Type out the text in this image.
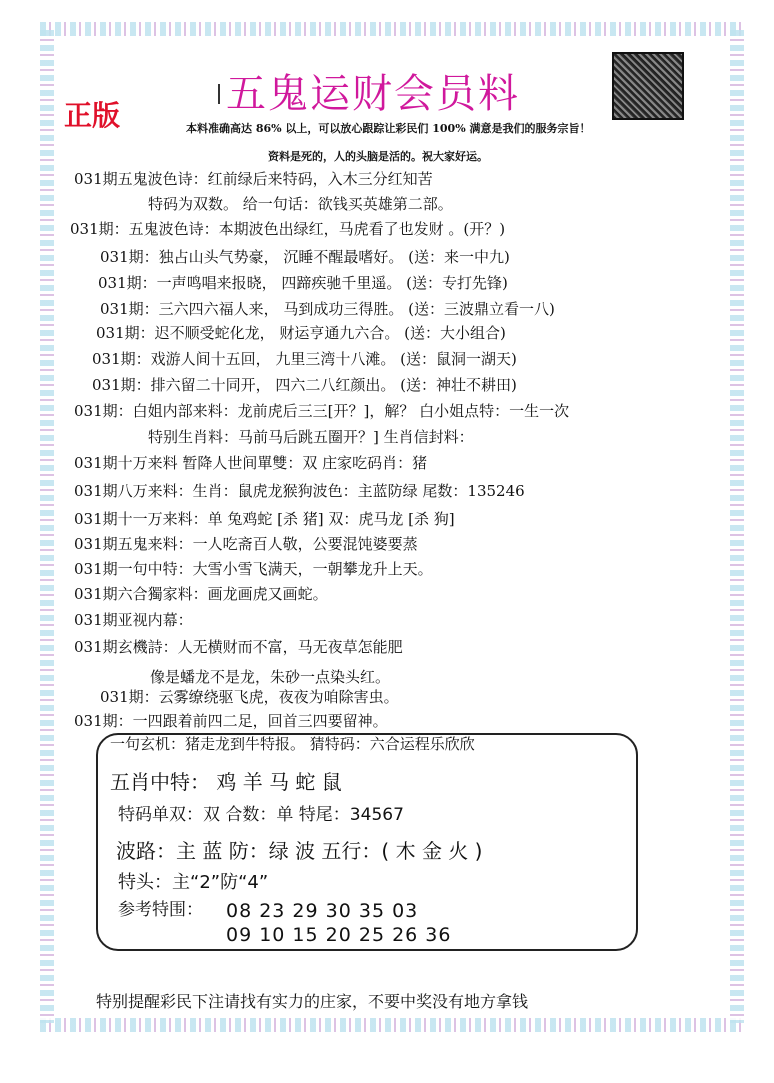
五鬼运财会员料
正版	本料准确高达 86% 以上，可以放心跟踪让彩民们 100% 满意是我们的服务宗旨！
资料是死的，人的头脑是活的。祝大家好运。
031期五鬼波色诗：红前绿后来特码，入木三分红知苦
特码为双数。 给一句话：欲钱买英雄第二部。
031期：五鬼波色诗：本期波色出绿红，马虎看了也发财 。(开？)
031期：独占山头气势豪， 沉睡不醒最嗜好。 (送：来一中九)
031期：一声鸣唱来报晓， 四蹄疾驰千里遥。 (送：专打先锋)
031期：三六四六福人来， 马到成功三得胜。 (送：三波鼎立看一八)
031期：迟不顺受蛇化龙， 财运亨通九六合。 (送：大小组合)
031期：戏游人间十五回， 九里三湾十八滩。 (送：鼠洞一湖天)
031期：排六留二十同开， 四六二八红颜出。 (送：神壮不耕田)
031期：白姐内部来料：龙前虎后三三[开？]，解？ 白小姐点特：一生一次
特别生肖料：马前马后跳五圈开？] 生肖信封料：
031期十万来料 暂降人世间單雙：双 庄家吃码肖：猪
031期八万来料：生肖：鼠虎龙猴狗波色：主蓝防绿 尾数：135246
031期十一万来料：单 兔鸡蛇 [杀 猪] 双：虎马龙 [杀 狗]
031期五鬼来料：一人吃斋百人敬，公要混饨婆要蒸
031期一句中特：大雪小雪飞满天，一朝攀龙升上天。
031期六合獨家料：画龙画虎又画蛇。
031期亚视内幕：
031期玄機詩：人无横财而不富，马无夜草怎能肥
像是蟠龙不是龙，朱砂一点染头红。
031期：云雾缭绕驱飞虎，夜夜为咱除害虫。
031期：一四跟着前四二足，回首三四要留神。
一句玄机：猪走龙到牛特报。 猜特码：六合运程乐欣欣
五肖中特： 鸡 羊 马 蛇 鼠
特码单双：双 合数：单 特尾：34567
波路：主 蓝 防：绿 波 五行：( 木 金 火 )
特头：主“2”防“4”
参考特围： 08 23 29 30 35 03
09 10 15 20 25 26 36
特别提醒彩民下注请找有实力的庄家，不要中奖没有地方拿钱
